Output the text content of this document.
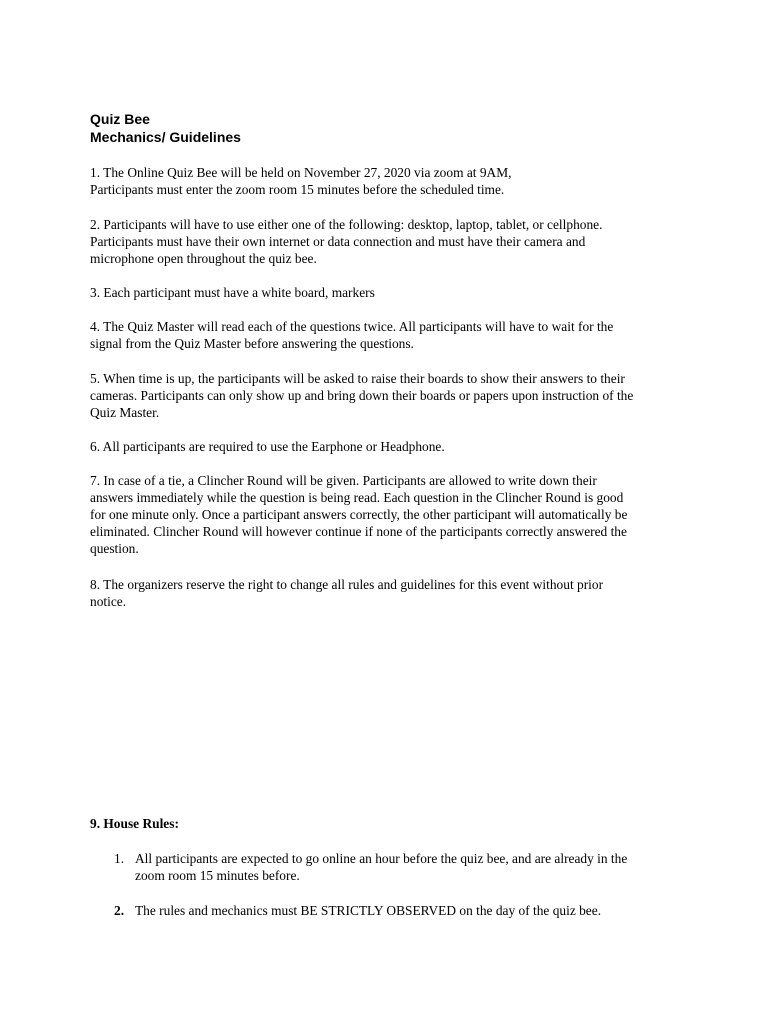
Quiz Bee
Mechanics/ Guidelines
1. The Online Quiz Bee will be held on November 27, 2020 via zoom at 9AM,
Participants must enter the zoom room 15 minutes before the scheduled time.
2. Participants will have to use either one of the following: desktop, laptop, tablet, or cellphone.
Participants must have their own internet or data connection and must have their camera and
microphone open throughout the quiz bee.
3. Each participant must have a white board, markers
4. The Quiz Master will read each of the questions twice. All participants will have to wait for the
signal from the Quiz Master before answering the questions.
5. When time is up, the participants will be asked to raise their boards to show their answers to their
cameras. Participants can only show up and bring down their boards or papers upon instruction of the
Quiz Master.
6. All participants are required to use the Earphone or Headphone.
7. In case of a tie, a Clincher Round will be given. Participants are allowed to write down their
answers immediately while the question is being read. Each question in the Clincher Round is good
for one minute only. Once a participant answers correctly, the other participant will automatically be
eliminated. Clincher Round will however continue if none of the participants correctly answered the
question.
8. The organizers reserve the right to change all rules and guidelines for this event without prior
notice.
9. House Rules:
1. All participants are expected to go online an hour before the quiz bee, and are already in the
zoom room 15 minutes before.
2. The rules and mechanics must BE STRICTLY OBSERVED on the day of the quiz bee.
